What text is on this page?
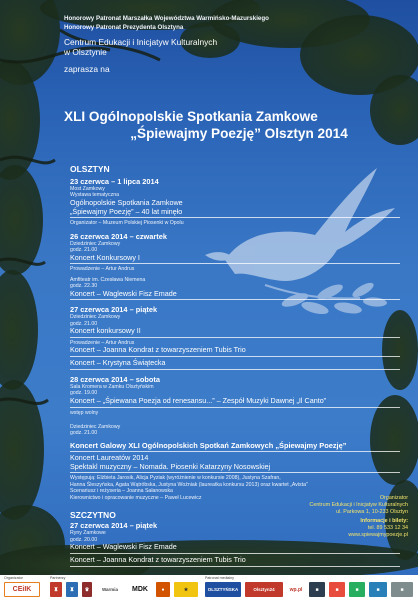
Honorowy Patronat Marszałka Województwa Warmińsko-Mazurskiego
Honorowy Patronat Prezydenta Olsztyna
Centrum Edukacji i Inicjatyw Kulturalnych
w Olsztynie
zaprasza na
XLI Ogólnopolskie Spotkania Zamkowe
„Śpiewajmy Poezję” Olsztyn 2014
OLSZTYN
23 czerwca – 1 lipca 2014
Most Zamkowy
Wystawa tematyczna
Ogólnopolskie Spotkania Zamkowe
„Śpiewajmy Poezję” – 40 lat minęło
Organizator – Muzeum Polskiej Piosenki w Opolu
26 czerwca 2014 – czwartek
Dziedziniec Zamkowy
godz. 21.00
Koncert Konkursowy I
Prowadzenie – Artur Andrus
Amfiteatr im. Czesława Niemena
godz. 22.30
Koncert – Waglewski Fisz Emade
27 czerwca 2014 – piątek
Dziedziniec Zamkowy
godz. 21.00
Koncert konkursowy II
Prowadzenie – Artur Andrus
Koncert – Joanna Kondrat z towarzyszeniem Tubis Trio
Koncert – Krystyna Świątecka
28 czerwca 2014 – sobota
Sala Kromera w Zamku Olsztyńskim
godz. 19.00
Koncert – „Śpiewana Poezja od renesansu...” – Zespół Muzyki Dawnej „Il Canto”
wstęp wolny
Dziedziniec Zamkowy
godz. 21.00
Koncert Galowy XLI Ogólnopolskich Spotkań Zamkowych „Śpiewajmy Poezję”
Koncert Laureatów 2014
Spektakl muzyczny – Nomada. Piosenki Katarzyny Nosowskiej
Występują: Elżbieta Jarosik, Alicja Pyziak (wyróżnienie w konkursie 2008), Justyna Szafran,
Hanna Śleszyńska, Agata Wątróbska, Justyna Woźniak (laureatka konkursu 2013) oraz kwartet „Avista”
Scenariusz i reżyseria – Joanna Sałanowska
Kierownictwo i opracowanie muzyczne – Paweł Lucewicz
SZCZYTNO
27 czerwca 2014 – piątek
Ryny Zamkowe
godz. 20.00
Koncert – Waglewski Fisz Emade
Koncert – Joanna Kondrat z towarzyszeniem Tubis Trio
Organizator
Centrum Edukacji i Inicjatyw Kulturalnych
ul. Parkowa 1, 10-233 Olsztyn
Informacje i bilety:
tel. 89 533 12 34
www.spiewajmypoezje.pl
Organizator	Partnerzy	Patronat medialny
CEiIK	♜	♜	♛	Warmia	MDK	●	★	OLSZTYŃSKA	Olsztyn24	wp.pl	■	■	■	■	■
